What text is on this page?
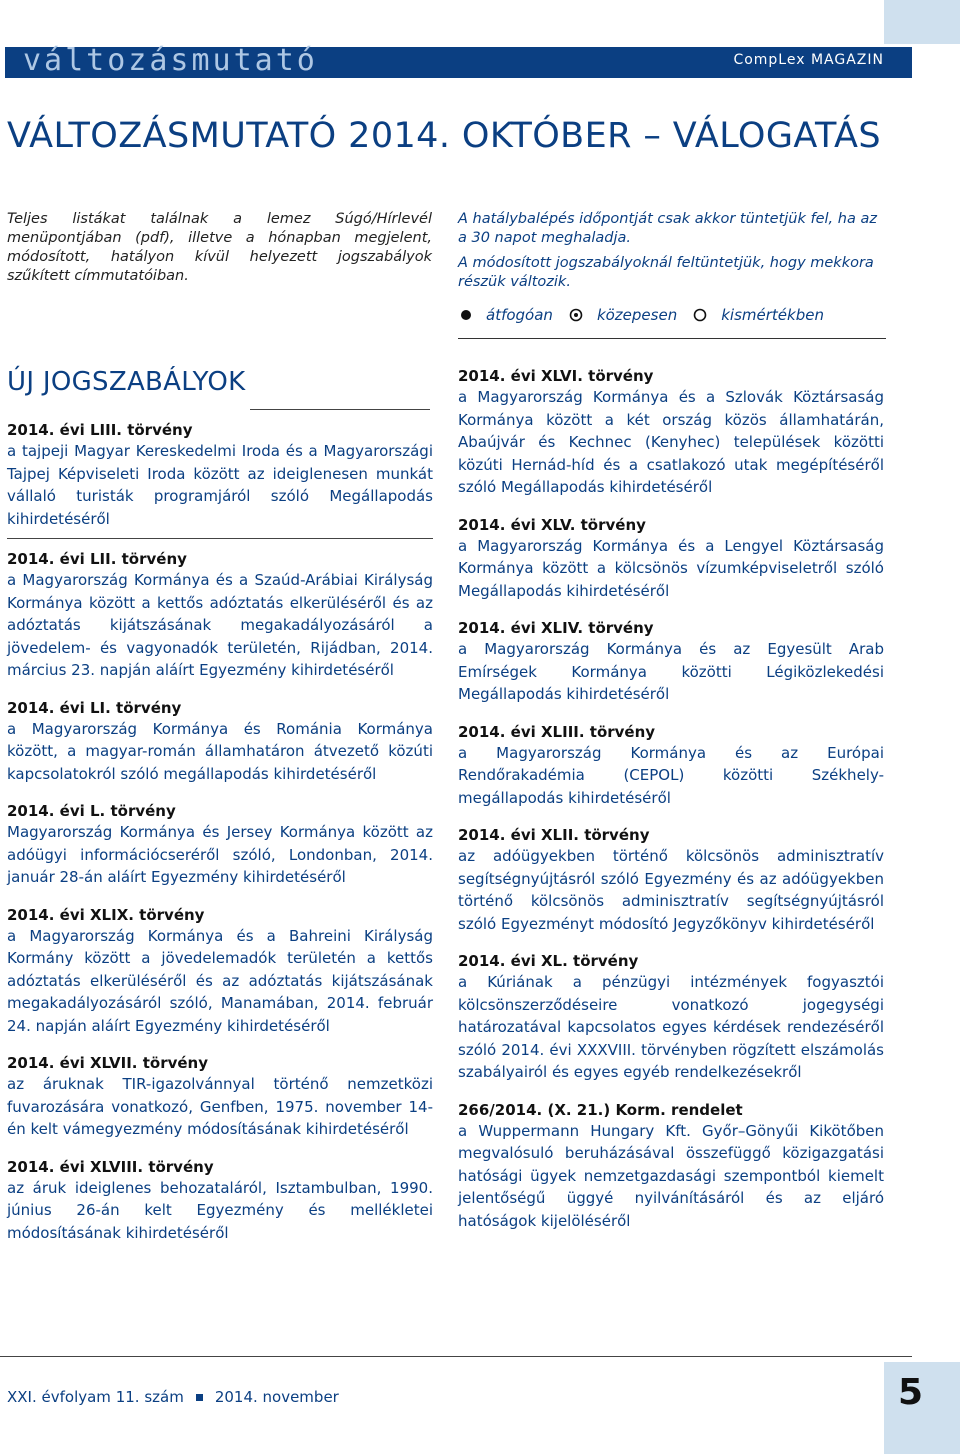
változásmutató	CompLex MAGAZIN
VÁLTOZÁSMUTATÓ 2014. OKTÓBER – VÁLOGATÁS

Teljes listákat találnak a lemez Súgó/Hírlevél menüpontjában (pdf), illetve a hónapban megjelent, módosított, hatályon kívül helyezett jogszabályok szűkített címmutatóiban.

A hatálybalépés időpontját csak akkor tüntetjük fel, ha az a 30 napot meghaladja.

A módosított jogszabályoknál feltüntetjük, hogy mekkora részük változik.

átfogóan	közepesen	kismértékben
ÚJ JOGSZABÁLYOK
2014. évi LIII. törvény
a tajpeji Magyar Kereskedelmi Iroda és a Magyarországi Tajpej Képviseleti Iroda között az ideiglenesen munkát vállaló turisták programjáról szóló Megállapodás kihirdetéséről
2014. évi LII. törvény
a Magyarország Kormánya és a Szaúd-Arábiai Királyság Kormánya között a kettős adóztatás elkerüléséről és az adóztatás kijátszásának megakadályozásáról a jövedelem- és vagyonadók területén, Rijádban, 2014. március 23. napján aláírt Egyezmény kihirdetéséről
2014. évi LI. törvény
a Magyarország Kormánya és Románia Kormánya között, a magyar-román államhatáron átvezető közúti kapcsolatokról szóló megállapodás kihirdetéséről
2014. évi L. törvény
Magyarország Kormánya és Jersey Kormánya között az adóügyi információcseréről szóló, Londonban, 2014. január 28-án aláírt Egyezmény kihirdetéséről
2014. évi XLIX. törvény
a Magyarország Kormánya és a Bahreini Királyság Kormány között a jövedelemadók területén a kettős adóztatás elkerüléséről és az adóztatás kijátszásának megakadályozásáról szóló, Manamában, 2014. február 24. napján aláírt Egyezmény kihirdetéséről
2014. évi XLVII. törvény
az áruknak TIR-igazolvánnyal történő nemzetközi fuvarozására vonatkozó, Genfben, 1975. november 14-én kelt vámegyezmény módosításának kihirdetéséről
2014. évi XLVIII. törvény
az áruk ideiglenes behozataláról, Isztambulban, 1990. június 26-án kelt Egyezmény és mellékletei módosításának kihirdetéséről
2014. évi XLVI. törvény
a Magyarország Kormánya és a Szlovák Köztársaság Kormánya között a két ország közös államhatárán, Abaújvár és Kechnec (Kenyhec) települések közötti közúti Hernád-híd és a csatlakozó utak megépítéséről szóló Megállapodás kihirdetéséről
2014. évi XLV. törvény
a Magyarország Kormánya és a Lengyel Köztársaság Kormánya között a kölcsönös vízumképviseletről szóló Megállapodás kihirdetéséről
2014. évi XLIV. törvény
a Magyarország Kormánya és az Egyesült Arab Emírségek Kormánya közötti Légiközlekedési Megállapodás kihirdetéséről
2014. évi XLIII. törvény
a Magyarország Kormánya és az Európai Rendőrakadémia (CEPOL) közötti Székhely-megállapodás kihirdetéséről
2014. évi XLII. törvény
az adóügyekben történő kölcsönös adminisztratív segítségnyújtásról szóló Egyezmény és az adóügyekben történő kölcsönös adminisztratív segítségnyújtásról szóló Egyezményt módosító Jegyzőkönyv kihirdetéséről
2014. évi XL. törvény
a Kúriának a pénzügyi intézmények fogyasztói kölcsönszerződéseire vonatkozó jogegységi határozatával kapcsolatos egyes kérdések rendezéséről szóló 2014. évi XXXVIII. törvényben rögzített elszámolás szabályairól és egyes egyéb rendelkezésekről
266/2014. (X. 21.) Korm. rendelet
a Wuppermann Hungary Kft. Győr–Gönyűi Kikötőben megvalósuló beruházásával összefüggő közigazgatási hatósági ügyek nemzetgazdasági szempontból kiemelt jelentőségű üggyé nyilvánításáról és az eljáró hatóságok kijelöléséről
XXI. évfolyam 11. szám 2014. november	5
